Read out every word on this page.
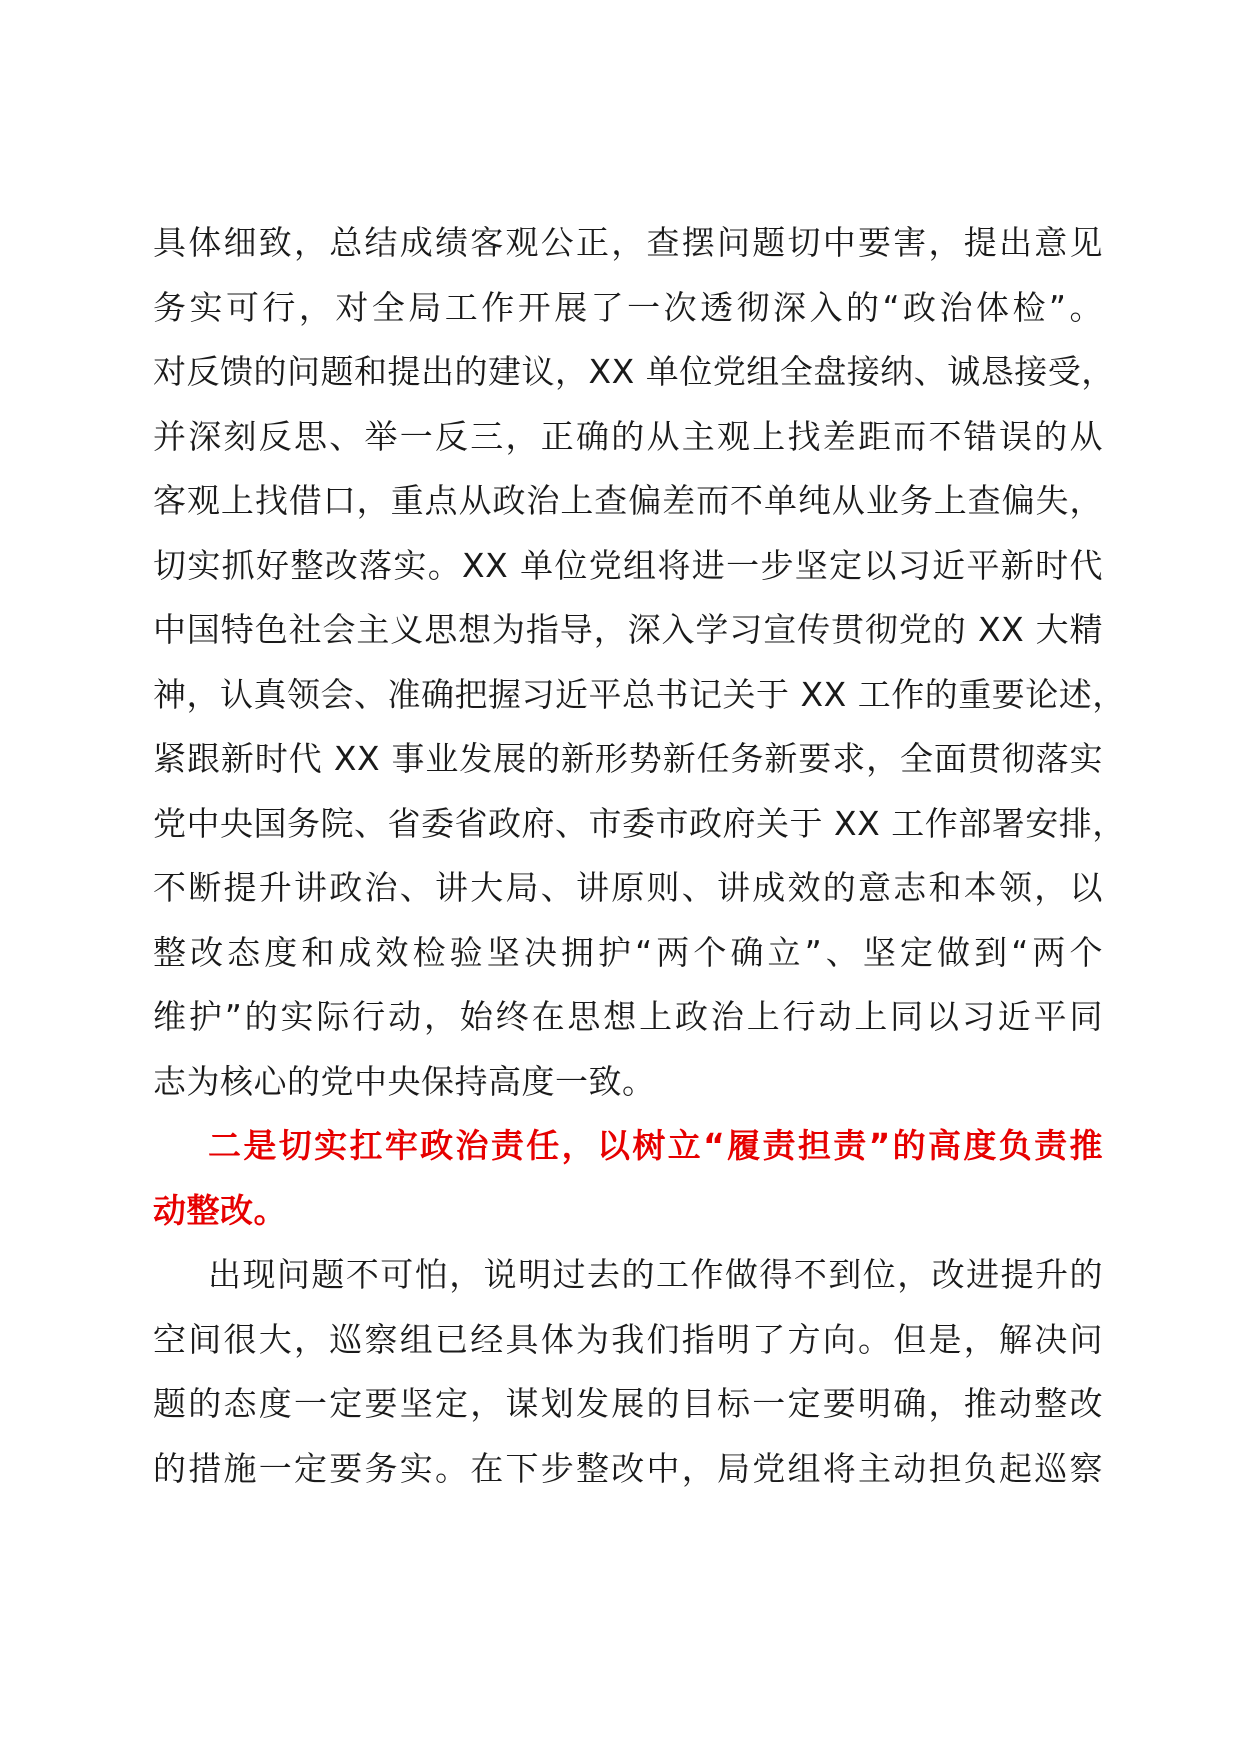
具体细致，总结成绩客观公正，查摆问题切中要害，提出意见
务实可行，对全局工作开展了一次透彻深入的“政治体检”。
对反馈的问题和提出的建议，XX 单位党组全盘接纳、诚恳接受，
并深刻反思、举一反三，正确的从主观上找差距而不错误的从
客观上找借口，重点从政治上查偏差而不单纯从业务上查偏失，
切实抓好整改落实。XX 单位党组将进一步坚定以习近平新时代
中国特色社会主义思想为指导，深入学习宣传贯彻党的 XX 大精
神，认真领会、准确把握习近平总书记关于 XX 工作的重要论述，
紧跟新时代 XX 事业发展的新形势新任务新要求，全面贯彻落实
党中央国务院、省委省政府、市委市政府关于 XX 工作部署安排，
不断提升讲政治、讲大局、讲原则、讲成效的意志和本领，以
整改态度和成效检验坚决拥护“两个确立”、坚定做到“两个
维护”的实际行动，始终在思想上政治上行动上同以习近平同
志为核心的党中央保持高度一致。
二是切实扛牢政治责任，以树立“履责担责”的高度负责推
动整改。
出现问题不可怕，说明过去的工作做得不到位，改进提升的
空间很大，巡察组已经具体为我们指明了方向。但是，解决问
题的态度一定要坚定，谋划发展的目标一定要明确，推动整改
的措施一定要务实。在下步整改中，局党组将主动担负起巡察
